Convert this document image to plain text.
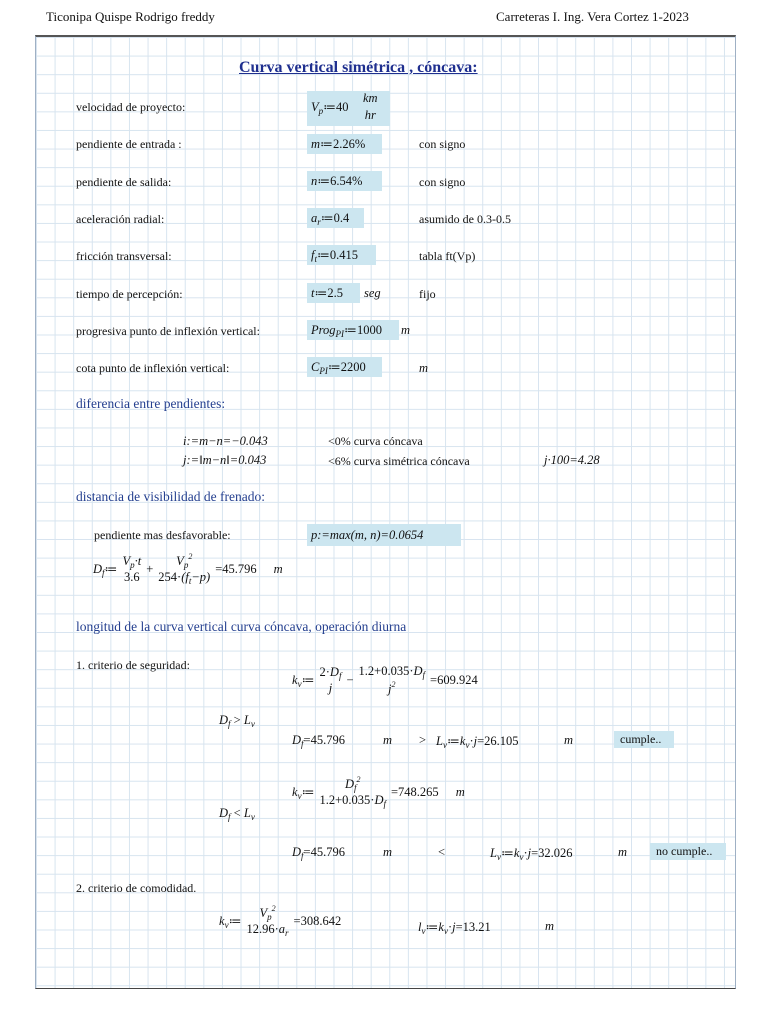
Ticonipa Quispe Rodrigo freddy	Carreteras I. Ing. Vera Cortez 1-2023
Curva vertical simétrica , cóncava:
velocidad de proyecto:	$V_p≔40$
km
hr
pendiente de entrada :	m≔2.26%	con signo
pendiente de salida:	n≔6.54%	con signo
aceleración radial:	$a_r≔0.4$	asumido de 0.3-0.5
fricción transversal:	$f_t≔0.415$	tabla ft(Vp)
tiempo de percepción:	t≔2.5	seg	fijo
progresiva punto de inflexión vertical:	Prog$_{PI}$≔1000	m
cota punto de inflexión vertical:	$C_{PI}≔2200$	m
diferencia entre pendientes:
i:=m−n=−0.043	<0% curva cóncava
j:=‖m−n‖=0.043	<6% curva simétrica cóncava	j·100=4.28
distancia de visibilidad de frenado:
pendiente mas desfavorable:	p:=max(m, n)=0.0654
$D_f≔$
$V_p\cdot t$
3.6
+
$V_p^2$
$254\cdot(f_t-p)$
=45.796 m
longitud de la curva vertical curva cóncava, operación diurna
1. criterio de seguridad:
$k_v≔$
$2\cdot D_f$
j
−
$1.2+0.035\cdot D_f$
$j^2$	=609.924
$D_f > L_v$
$D_f=45.796$	$m > L_v≔k_v\cdot j=26.105$	m	cumple..
$k_v≔$
$D_f^2$
$1.2+0.035\cdot D_f$
=748.265 m
$D_f < L_v$
$D_f=45.796$	m	<	$L_v≔k_v\cdot j=32.026$	m	no cumple..
2. criterio de comodidad.
$k_v≔$
$V_p^2$
$12.96\cdot a_r$
=308.642	$l_v≔k_v\cdot j=13.21$	m
